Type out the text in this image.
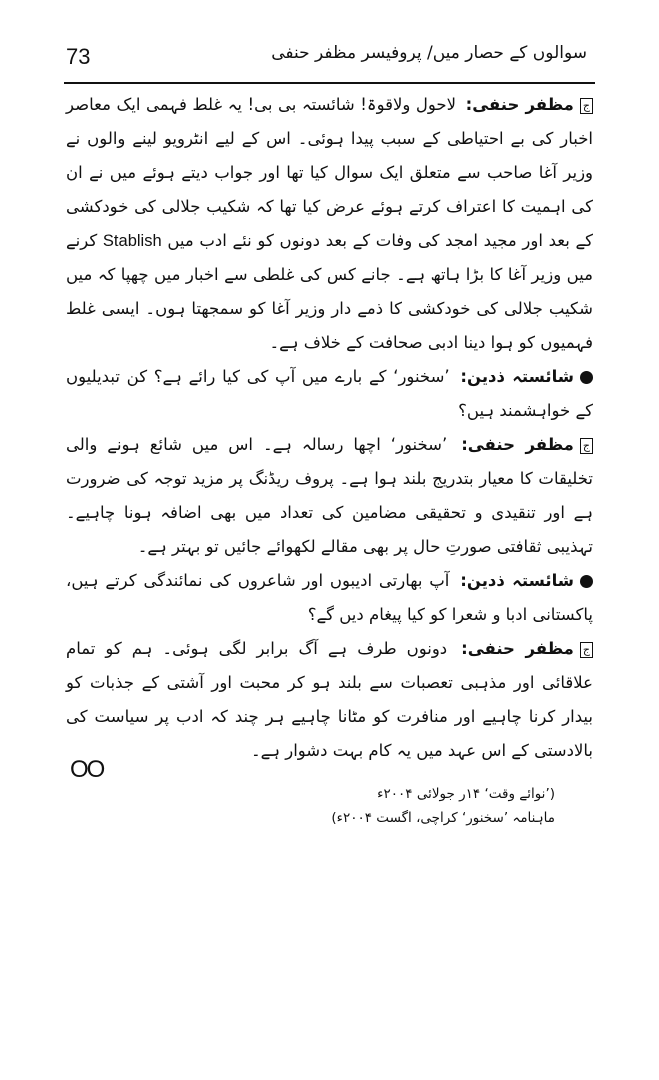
73	سوالوں کے حصار میں/ پروفیسر مظفر حنفی

جمظفر حنفی: لاحول ولاقوۃ! شائستہ بی بی! یہ غلط فہمی ایک معاصر اخبار کی بے احتیاطی کے سبب پیدا ہوئی۔ اس کے لیے انٹرویو لینے والوں نے وزیر آغا صاحب سے متعلق ایک سوال کیا تھا اور جواب دیتے ہوئے میں نے ان کی اہمیت کا اعتراف کرتے ہوئے عرض کیا تھا کہ شکیب جلالی کی خودکشی کے بعد اور مجید امجد کی وفات کے بعد دونوں کو نئے ادب میں Stablish کرنے میں وزیر آغا کا بڑا ہاتھ ہے۔ جانے کس کی غلطی سے اخبار میں چھپا کہ میں شکیب جلالی کی خودکشی کا ذمے دار وزیر آغا کو سمجھتا ہوں۔ ایسی غلط فہمیوں کو ہوا دینا ادبی صحافت کے خلاف ہے۔

شائستہ ذدین: ’سخنور‘ کے بارے میں آپ کی کیا رائے ہے؟ کن تبدیلیوں کے خواہشمند ہیں؟

جمظفر حنفی: ’سخنور‘ اچھا رسالہ ہے۔ اس میں شائع ہونے والی تخلیقات کا معیار بتدریج بلند ہوا ہے۔ پروف ریڈنگ پر مزید توجہ کی ضرورت ہے اور تنقیدی و تحقیقی مضامین کی تعداد میں بھی اضافہ ہونا چاہیے۔ تہذیبی ثقافتی صورتِ حال پر بھی مقالے لکھوائے جائیں تو بہتر ہے۔

شائستہ ذدین: آپ بھارتی ادیبوں اور شاعروں کی نمائندگی کرتے ہیں، پاکستانی ادبا و شعرا کو کیا پیغام دیں گے؟

جمظفر حنفی: دونوں طرف ہے آگ برابر لگی ہوئی۔ ہم کو تمام علاقائی اور مذہبی تعصبات سے بلند ہو کر محبت اور آشتی کے جذبات کو بیدار کرنا چاہیے اور منافرت کو مٹانا چاہیے ہر چند کہ ادب پر سیاست کی بالادستی کے اس عہد میں یہ کام بہت دشوار ہے۔

(’نوائے وقت‘ ۱۴ر جولائی ۲۰۰۴ء
ماہنامہ ’سخنور‘ کراچی، اگست ۲۰۰۴ء)
OO
